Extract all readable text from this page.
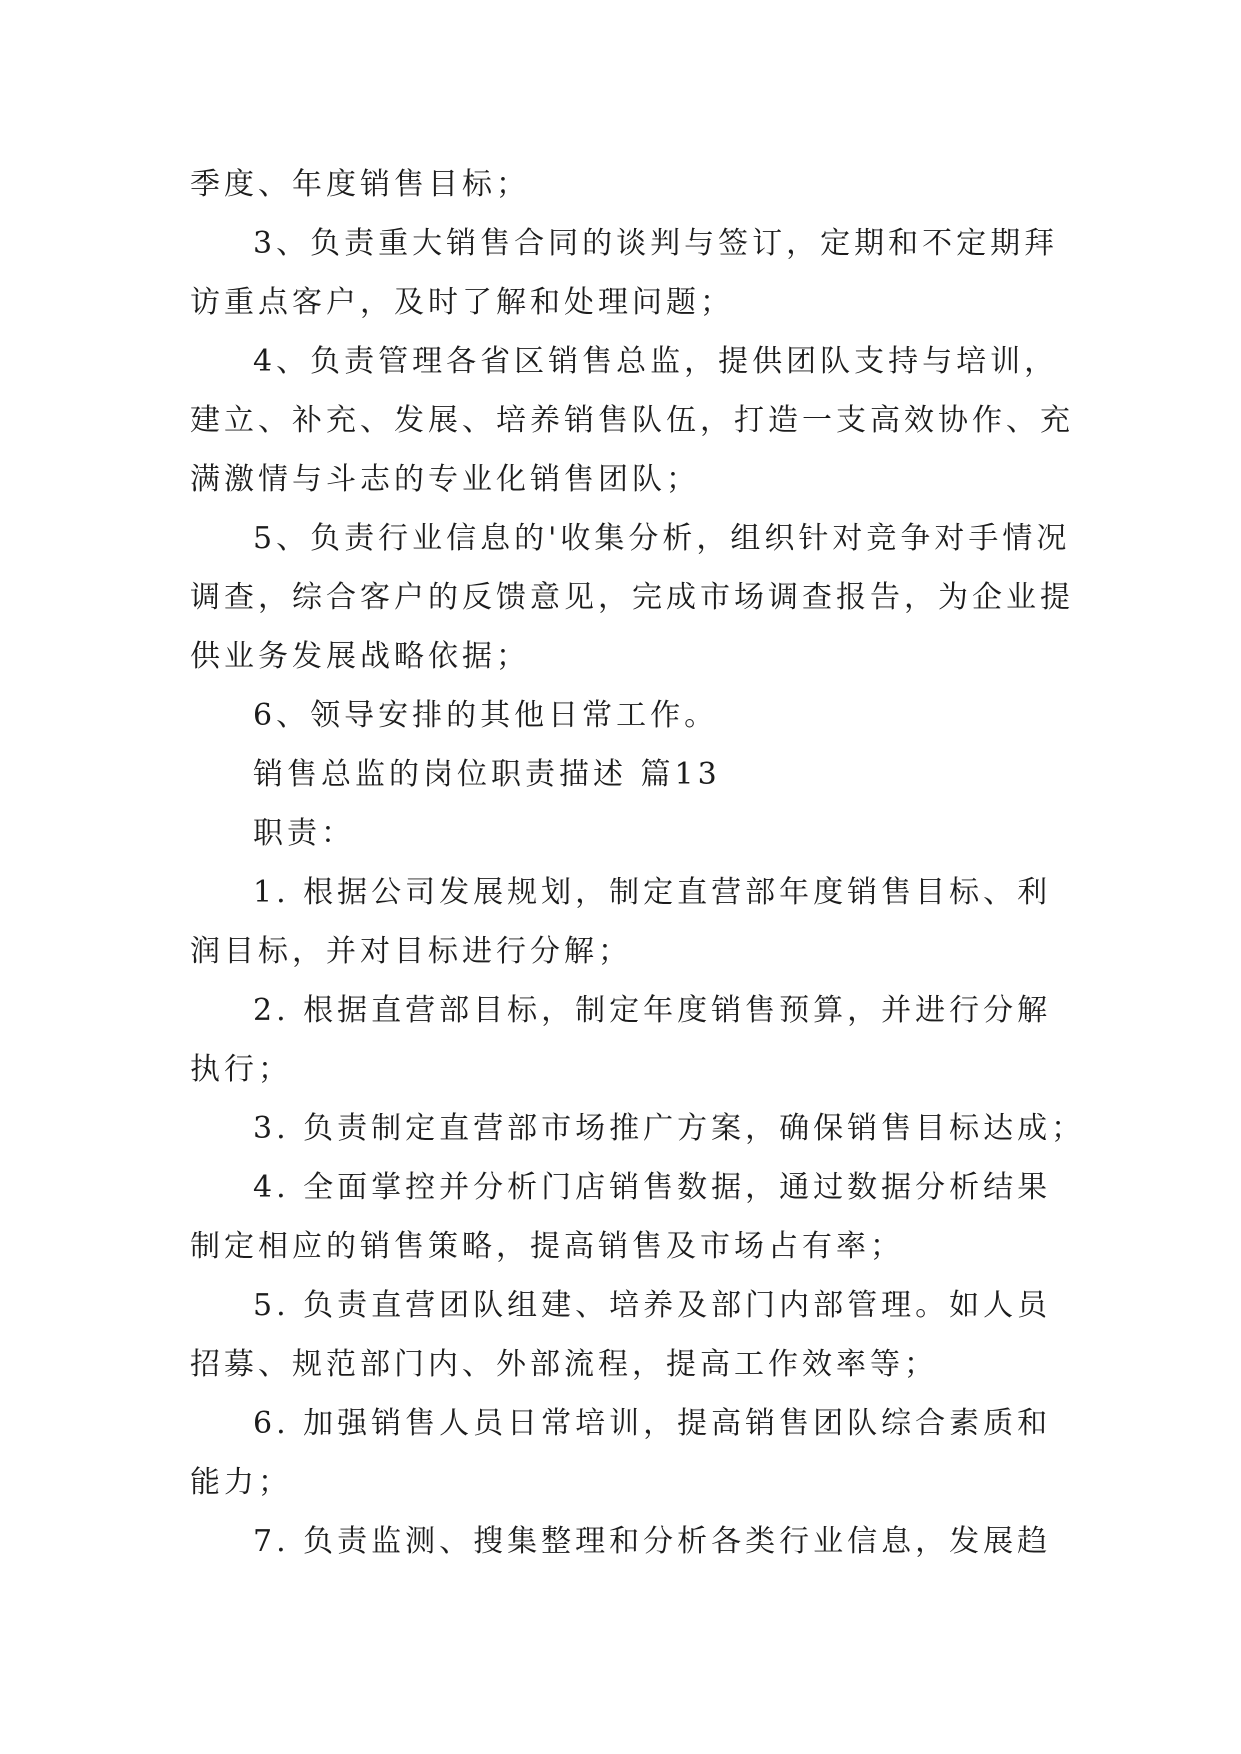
季度、年度销售目标；

3、负责重大销售合同的谈判与签订，定期和不定期拜

访重点客户，及时了解和处理问题；

4、负责管理各省区销售总监，提供团队支持与培训，

建立、补充、发展、培养销售队伍，打造一支高效协作、充

满激情与斗志的专业化销售团队；

5、负责行业信息的'收集分析，组织针对竞争对手情况

调查，综合客户的反馈意见，完成市场调查报告，为企业提

供业务发展战略依据；

6、领导安排的其他日常工作。

销售总监的岗位职责描述 篇13

职责：

1. 根据公司发展规划，制定直营部年度销售目标、利

润目标，并对目标进行分解；

2. 根据直营部目标，制定年度销售预算，并进行分解

执行；

3. 负责制定直营部市场推广方案，确保销售目标达成；

4. 全面掌控并分析门店销售数据，通过数据分析结果

制定相应的销售策略，提高销售及市场占有率；

5. 负责直营团队组建、培养及部门内部管理。如人员

招募、规范部门内、外部流程，提高工作效率等；

6. 加强销售人员日常培训，提高销售团队综合素质和

能力；

7. 负责监测、搜集整理和分析各类行业信息，发展趋
